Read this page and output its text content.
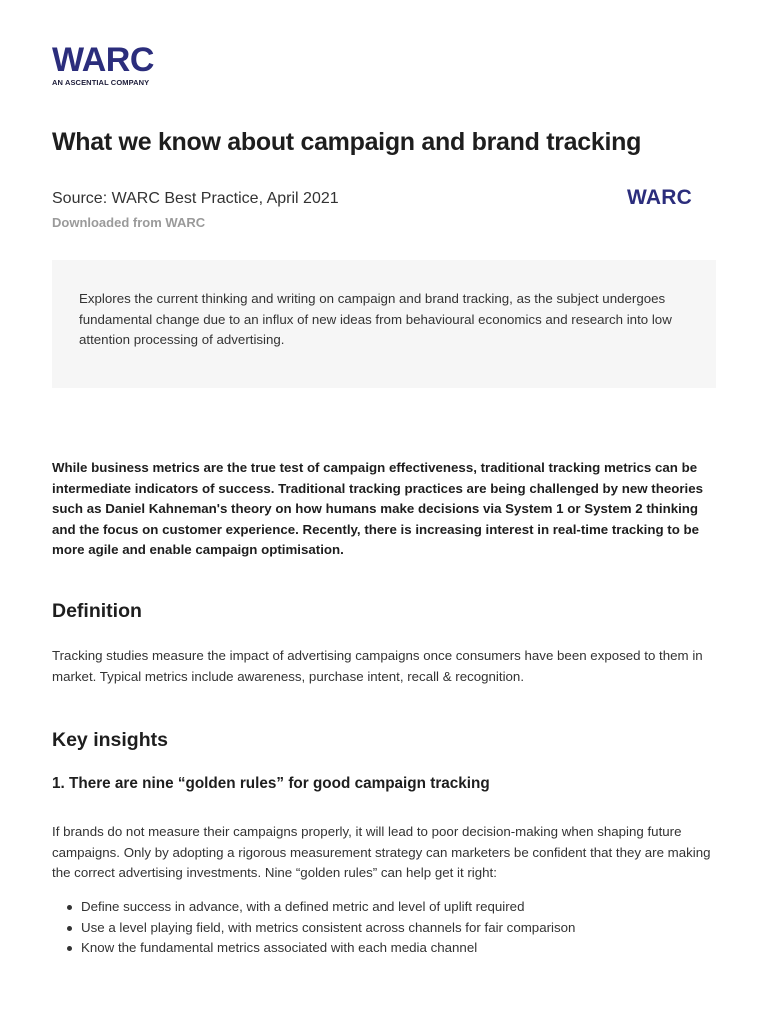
WARC
AN ASCENTIAL COMPANY
What we know about campaign and brand tracking
Source: WARC Best Practice, April 2021
Downloaded from WARC
WARC

Explores the current thinking and writing on campaign and brand tracking, as the subject undergoes fundamental change due to an influx of new ideas from behavioural economics and research into low attention processing of advertising.

While business metrics are the true test of campaign effectiveness, traditional tracking metrics can be intermediate indicators of success. Traditional tracking practices are being challenged by new theories such as Daniel Kahneman's theory on how humans make decisions via System 1 or System 2 thinking and the focus on customer experience. Recently, there is increasing interest in real-time tracking to be more agile and enable campaign optimisation.

Definition

Tracking studies measure the impact of advertising campaigns once consumers have been exposed to them in market. Typical metrics include awareness, purchase intent, recall & recognition.

Key insights
1. There are nine “golden rules” for good campaign tracking

If brands do not measure their campaigns properly, it will lead to poor decision-making when shaping future campaigns. Only by adopting a rigorous measurement strategy can marketers be confident that they are making the correct advertising investments. Nine “golden rules” can help get it right:

Define success in advance, with a defined metric and level of uplift required
Use a level playing field, with metrics consistent across channels for fair comparison
Know the fundamental metrics associated with each media channel
